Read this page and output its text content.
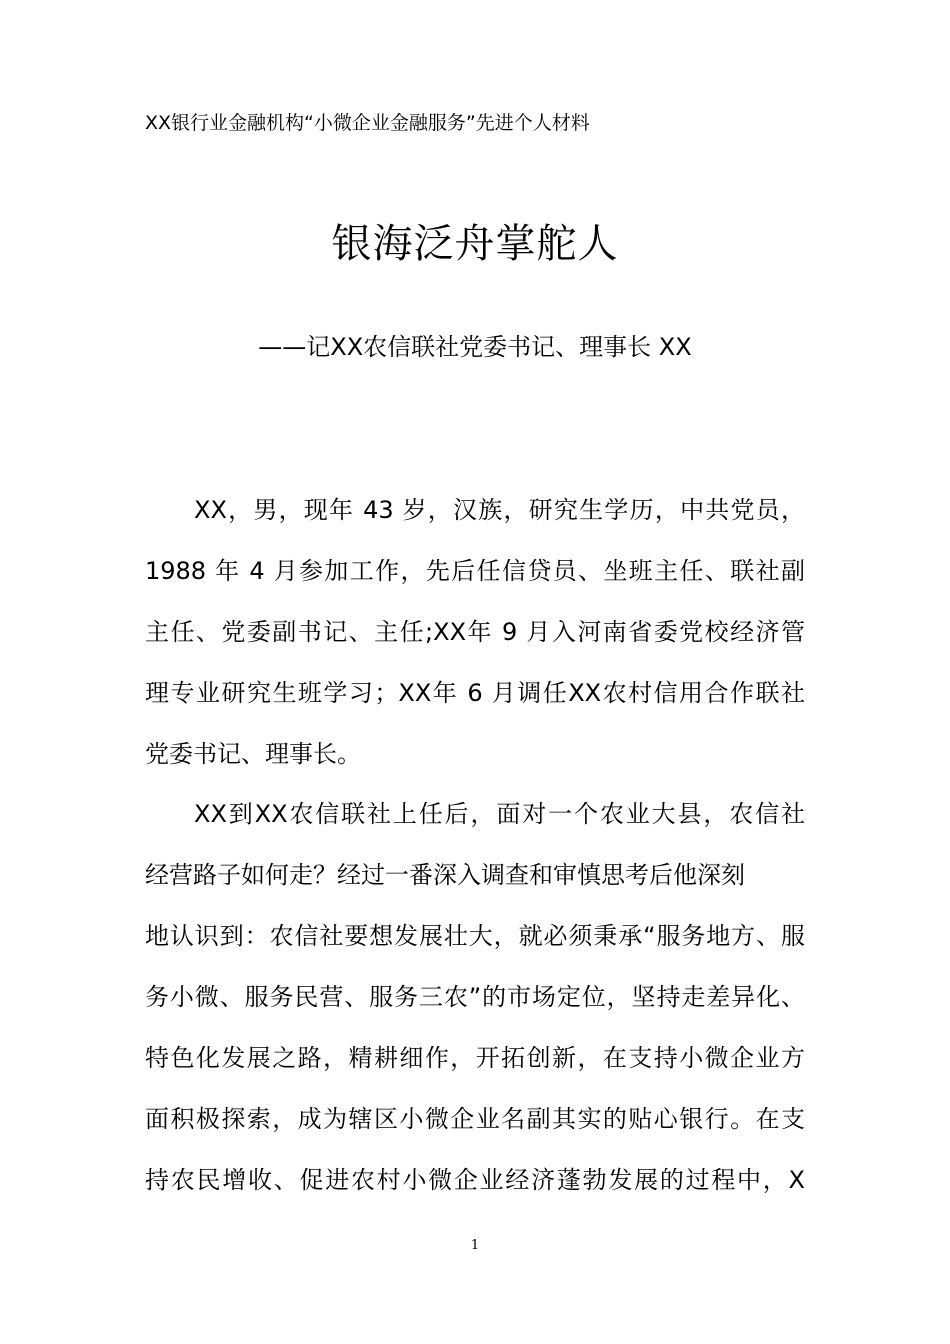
XX银行业金融机构“小微企业金融服务”先进个人材料
银海泛舟掌舵人
——记XX农信联社党委书记、理事长 XX
XX，男，现年 43 岁，汉族，研究生学历，中共党员，
1988 年 4 月参加工作，先后任信贷员、坐班主任、联社副
主任、党委副书记、主任;XX年 9 月入河南省委党校经济管
理专业研究生班学习；XX年 6 月调任XX农村信用合作联社
党委书记、理事长。
XX到XX农信联社上任后，面对一个农业大县，农信社
经营路子如何走？经过一番深入调查和审慎思考后他深刻
地认识到：农信社要想发展壮大，就必须秉承“服务地方、服
务小微、服务民营、服务三农”的市场定位，坚持走差异化、
特色化发展之路，精耕细作，开拓创新，在支持小微企业方
面积极探索，成为辖区小微企业名副其实的贴心银行。在支
持农民增收、促进农村小微企业经济蓬勃发展的过程中，X
1
